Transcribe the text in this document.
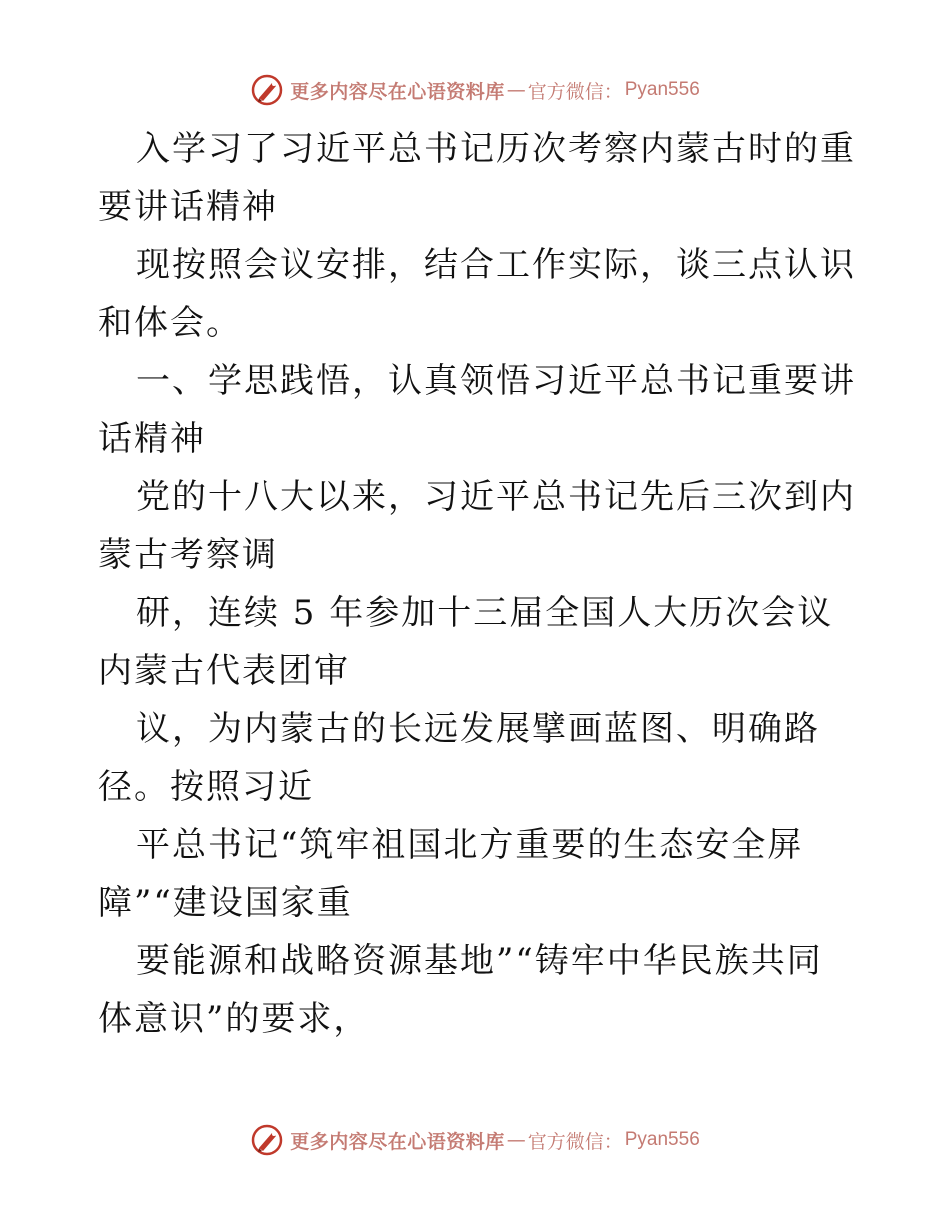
更多内容尽在心语资料库 — 官方微信： Pyan556

入学习了习近平总书记历次考察内蒙古时的重要讲话精神

现按照会议安排，结合工作实际，谈三点认识和体会。

一、学思践悟，认真领悟习近平总书记重要讲话精神

党的十八大以来，习近平总书记先后三次到内蒙古考察调

研，连续 5 年参加十三届全国人大历次会议内蒙古代表团审

议，为内蒙古的长远发展擘画蓝图、明确路径。按照习近

平总书记“筑牢祖国北方重要的生态安全屏障”“建设国家重

要能源和战略资源基地”“铸牢中华民族共同体意识”的要求，

更多内容尽在心语资料库 — 官方微信： Pyan556
